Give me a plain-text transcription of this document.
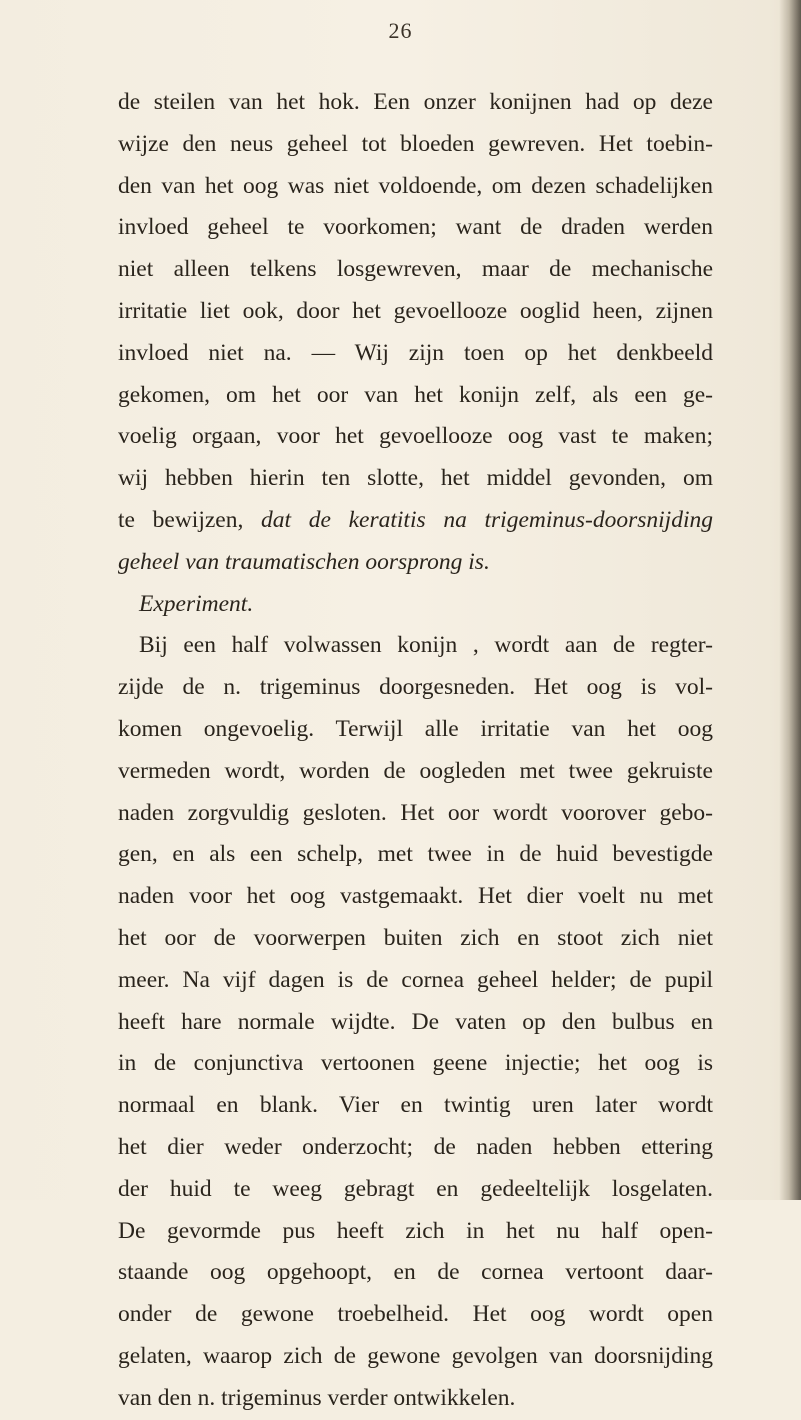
26
de steilen van het hok. Een onzer konijnen had op deze
wijze den neus geheel tot bloeden gewreven. Het toebin-
den van het oog was niet voldoende, om dezen schadelijken
invloed geheel te voorkomen; want de draden werden
niet alleen telkens losgewreven, maar de mechanische
irritatie liet ook, door het gevoellooze ooglid heen, zijnen
invloed niet na. — Wij zijn toen op het denkbeeld
gekomen, om het oor van het konijn zelf, als een ge-
voelig orgaan, voor het gevoellooze oog vast te maken;
wij hebben hierin ten slotte, het middel gevonden, om
te bewijzen, dat de keratitis na trigeminus-doorsnijding
geheel van traumatischen oorsprong is.
Experiment.
Bij een half volwassen konijn , wordt aan de regter-
zijde de n. trigeminus doorgesneden. Het oog is vol-
komen ongevoelig. Terwijl alle irritatie van het oog
vermeden wordt, worden de oogleden met twee gekruiste
naden zorgvuldig gesloten. Het oor wordt voorover gebo-
gen, en als een schelp, met twee in de huid bevestigde
naden voor het oog vastgemaakt. Het dier voelt nu met
het oor de voorwerpen buiten zich en stoot zich niet
meer. Na vijf dagen is de cornea geheel helder; de pupil
heeft hare normale wijdte. De vaten op den bulbus en
in de conjunctiva vertoonen geene injectie; het oog is
normaal en blank. Vier en twintig uren later wordt
het dier weder onderzocht; de naden hebben ettering
der huid te weeg gebragt en gedeeltelijk losgelaten.
De gevormde pus heeft zich in het nu half open-
staande oog opgehoopt, en de cornea vertoont daar-
onder de gewone troebelheid. Het oog wordt open
gelaten, waarop zich de gewone gevolgen van doorsnijding
van den n. trigeminus verder ontwikkelen.
